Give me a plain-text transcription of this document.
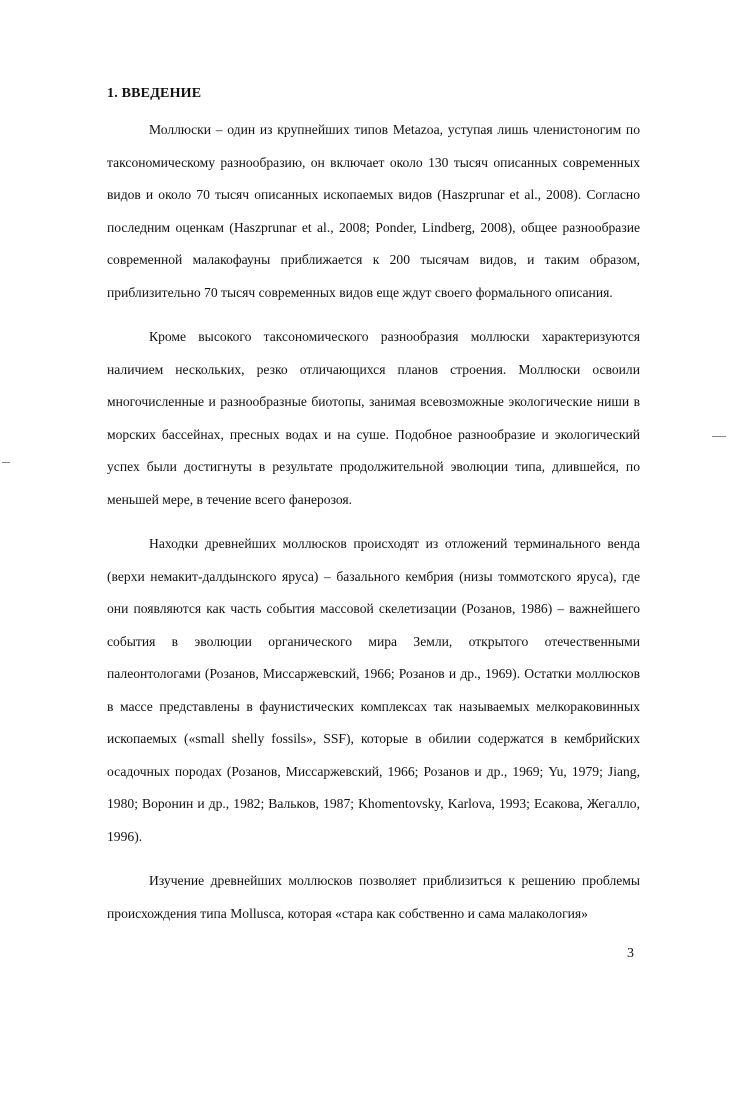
1. ВВЕДЕНИЕ

Моллюски – один из крупнейших типов Metazoa, уступая лишь членистоногим по таксономическому разнообразию, он включает около 130 тысяч описанных современных видов и около 70 тысяч описанных ископаемых видов (Haszprunar et al., 2008). Согласно последним оценкам (Haszprunar et al., 2008; Ponder, Lindberg, 2008), общее разнообразие современной малакофауны приближается к 200 тысячам видов, и таким образом, приблизительно 70 тысяч современных видов еще ждут своего формального описания.

Кроме высокого таксономического разнообразия моллюски характеризуются наличием нескольких, резко отличающихся планов строения. Моллюски освоили многочисленные и разнообразные биотопы, занимая всевозможные экологические ниши в морских бассейнах, пресных водах и на суше. Подобное разнообразие и экологический успех были достигнуты в результате продолжительной эволюции типа, длившейся, по меньшей мере, в течение всего фанерозоя.

Находки древнейших моллюсков происходят из отложений терминального венда (верхи немакит-далдынского яруса) – базального кембрия (низы томмотского яруса), где они появляются как часть события массовой скелетизации (Розанов, 1986) – важнейшего события в эволюции органического мира Земли, открытого отечественными палеонтологами (Розанов, Миссаржевский, 1966; Розанов и др., 1969). Остатки моллюсков в массе представлены в фаунистических комплексах так называемых мелкораковинных ископаемых («small shelly fossils», SSF), которые в обилии содержатся в кембрийских осадочных породах (Розанов, Миссаржевский, 1966; Розанов и др., 1969; Yu, 1979; Jiang, 1980; Воронин и др., 1982; Вальков, 1987; Khomentovsky, Karlova, 1993; Есакова, Жегалло, 1996).

Изучение древнейших моллюсков позволяет приблизиться к решению проблемы происхождения типа Mollusca, которая «стара как собственно и сама малакология»

3
